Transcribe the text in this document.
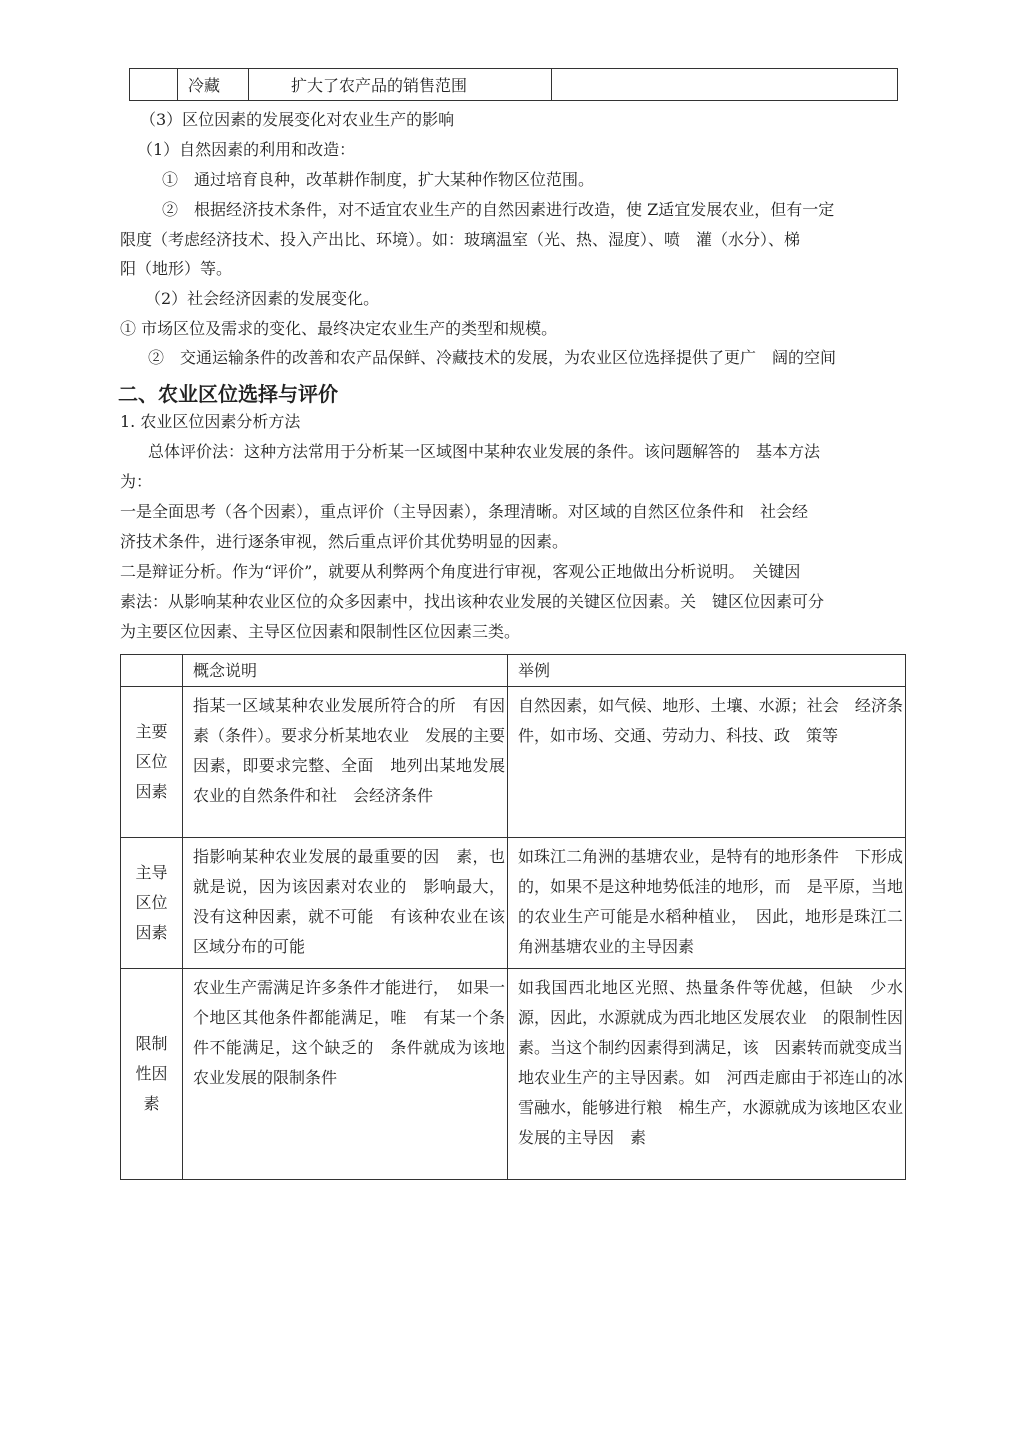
	冷藏	扩大了农产品的销售范围	
（3）区位因素的发展变化对农业生产的影响
（1）自然因素的利用和改造：
①　通过培育良种，改革耕作制度，扩大某种作物区位范围。
②　根据经济技术条件，对不适宜农业生产的自然因素进行改造，使 Z适宜发展农业，但有一定
限度（考虑经济技术、投入产出比、环境）。如：玻璃温室（光、热、湿度）、喷　灌（水分）、梯
阳（地形）等。
（2）社会经济因素的发展变化。
① 市场区位及需求的变化、最终决定农业生产的类型和规模。
②　交通运输条件的改善和农产品保鲜、冷藏技术的发展，为农业区位选择提供了更广　阔的空间
二、农业区位选择与评价
1. 农业区位因素分析方法
总体评价法：这种方法常用于分析某一区域图中某种农业发展的条件。该问题解答的　基本方法
为：
一是全面思考（各个因素），重点评价（主导因素），条理清晰。对区域的自然区位条件和　社会经
济技术条件，进行逐条审视，然后重点评价其优势明显的因素。
二是辩证分析。作为“评价”，就要从利弊两个角度进行审视，客观公正地做出分析说明。　关键因
素法：从影响某种农业区位的众多因素中，找出该种农业发展的关键区位因素。关　键区位因素可分
为主要区位因素、主导区位因素和限制性区位因素三类。
	概念说明	举例
主要区位因素	指某一区域某种农业发展所符合的所　有因素（条件）。要求分析某地农业　发展的主要因素，即要求完整、全面　地列出某地发展农业的自然条件和社　会经济条件	自然因素，如气候、地形、土壤、水源；社会　经济条件，如市场、交通、劳动力、科技、政　策等

主导区位因素	指影响某种农业发展的最重要的因　素，也就是说，因为该因素对农业的　影响最大，没有这种因素，就不可能　有该种农业在该区域分布的可能	如珠江二角洲的基塘农业，是特有的地形条件　下形成的，如果不是这种地势低洼的地形，而　是平原，当地的农业生产可能是水稻种植业，　因此，地形是珠江二角洲基塘农业的主导因素

限制性因素	农业生产需满足许多条件才能进行，　如果一个地区其他条件都能满足，唯　有某一个条件不能满足，这个缺乏的　条件就成为该地农业发展的限制条件	如我国西北地区光照、热量条件等优越，但缺　少水源，因此，水源就成为西北地区发展农业　的限制性因素。当这个制约因素得到满足，该　因素转而就变成当地农业生产的主导因素。如　河西走廊由于祁连山的冰雪融水，能够进行粮　棉生产，水源就成为该地区农业发展的主导因　素
